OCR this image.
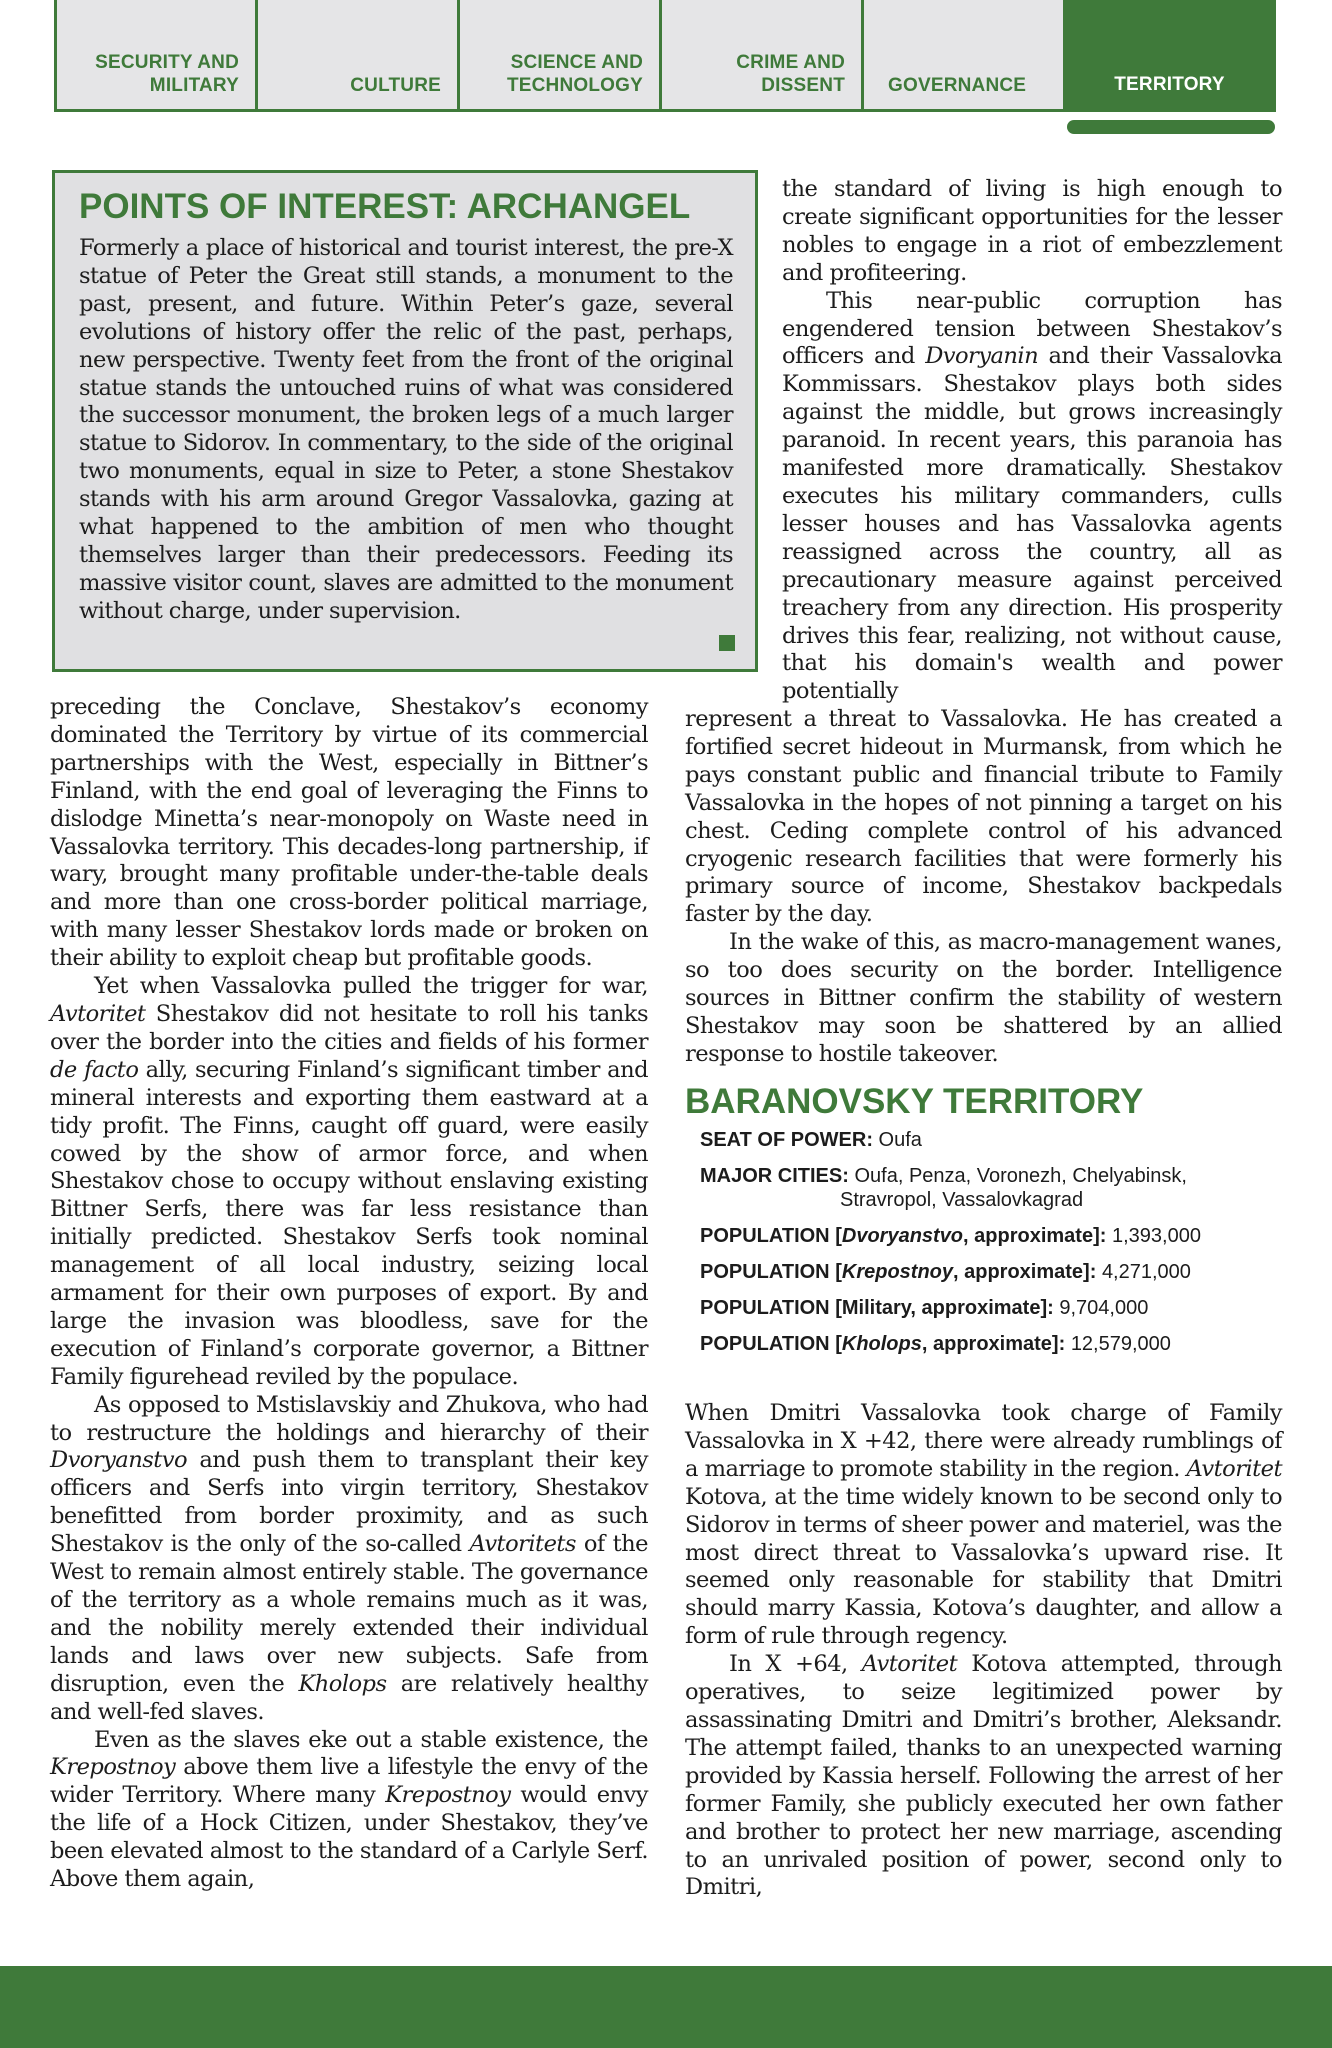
SECURITY AND MILITARY	CULTURE
SCIENCE AND TECHNOLOGY
CRIME AND DISSENT GOVERNANCE	TERRITORY
POINTS OF INTEREST: ARCHANGEL

Formerly a place of historical and tourist interest, the pre-X statue of Peter the Great still stands, a monument to the past, present, and future. Within Peter’s gaze, several evolutions of history offer the relic of the past, perhaps, new perspective. Twenty feet from the front of the original statue stands the untouched ruins of what was considered the successor monument, the broken legs of a much larger statue to Sidorov. In commentary, to the side of the original two monuments, equal in size to Peter, a stone Shestakov stands with his arm around Gregor Vassalovka, gazing at what happened to the ambition of men who thought themselves larger than their predecessors. Feeding its massive visitor count, slaves are admitted to the monument without charge, under supervision.

the standard of living is high enough to create significant opportunities for the lesser nobles to engage in a riot of embezzlement and profiteering.

This near-public corruption has engendered tension between Shestakov’s officers and Dvoryanin and their Vassalovka Kommissars. Shestakov plays both sides against the middle, but grows increasingly paranoid. In recent years, this paranoia has manifested more dramatically. Shestakov executes his military commanders, culls lesser houses and has Vassalovka agents reassigned across the country, all as precautionary measure against perceived treachery from any direction. His prosperity drives this fear, realizing, not without cause, that his domain's wealth and power potentially

represent a threat to Vassalovka. He has created a fortified secret hideout in Murmansk, from which he pays constant public and financial tribute to Family Vassalovka in the hopes of not pinning a target on his chest. Ceding complete control of his advanced cryogenic research facilities that were formerly his primary source of income, Shestakov backpedals faster by the day.

In the wake of this, as macro-management wanes, so too does security on the border. Intelligence sources in Bittner confirm the stability of western Shestakov may soon be shattered by an allied response to hostile takeover.

BARANOVSKY TERRITORY
SEAT OF POWER: Oufa
MAJOR CITIES: Oufa, Penza, Voronezh, Chelyabinsk, Stravropol, Vassalovkagrad
POPULATION [Dvoryanstvo, approximate]: 1,393,000
POPULATION [Krepostnoy, approximate]: 4,271,000
POPULATION [Military, approximate]: 9,704,000
POPULATION [Kholops, approximate]: 12,579,000

When Dmitri Vassalovka took charge of Family Vassalovka in X +42, there were already rumblings of a marriage to promote stability in the region. Avtoritet Kotova, at the time widely known to be second only to Sidorov in terms of sheer power and materiel, was the most direct threat to Vassalovka’s upward rise. It seemed only reasonable for stability that Dmitri should marry Kassia, Kotova’s daughter, and allow a form of rule through regency.

In X +64, Avtoritet Kotova attempted, through operatives, to seize legitimized power by assassinating Dmitri and Dmitri’s brother, Aleksandr. The attempt failed, thanks to an unexpected warning provided by Kassia herself. Following the arrest of her former Family, she publicly executed her own father and brother to protect her new marriage, ascending to an unrivaled position of power, second only to Dmitri,

preceding the Conclave, Shestakov’s economy dominated the Territory by virtue of its commercial partnerships with the West, especially in Bittner’s Finland, with the end goal of leveraging the Finns to dislodge Minetta’s near-monopoly on Waste need in Vassalovka territory. This decades-long partnership, if wary, brought many profitable under-the-table deals and more than one cross-border political marriage, with many lesser Shestakov lords made or broken on their ability to exploit cheap but profitable goods.

Yet when Vassalovka pulled the trigger for war, Avtoritet Shestakov did not hesitate to roll his tanks over the border into the cities and fields of his former de facto ally, securing Finland’s significant timber and mineral interests and exporting them eastward at a tidy profit. The Finns, caught off guard, were easily cowed by the show of armor force, and when Shestakov chose to occupy without enslaving existing Bittner Serfs, there was far less resistance than initially predicted. Shestakov Serfs took nominal management of all local industry, seizing local armament for their own purposes of export. By and large the invasion was bloodless, save for the execution of Finland’s corporate governor, a Bittner Family figurehead reviled by the populace.

As opposed to Mstislavskiy and Zhukova, who had to restructure the holdings and hierarchy of their Dvoryanstvo and push them to transplant their key officers and Serfs into virgin territory, Shestakov benefitted from border proximity, and as such Shestakov is the only of the so-called Avtoritets of the West to remain almost entirely stable. The governance of the territory as a whole remains much as it was, and the nobility merely extended their individual lands and laws over new subjects. Safe from disruption, even the Kholops are relatively healthy and well-fed slaves.

Even as the slaves eke out a stable existence, the Krepostnoy above them live a lifestyle the envy of the wider Territory. Where many Krepostnoy would envy the life of a Hock Citizen, under Shestakov, they’ve been elevated almost to the standard of a Carlyle Serf. Above them again,
